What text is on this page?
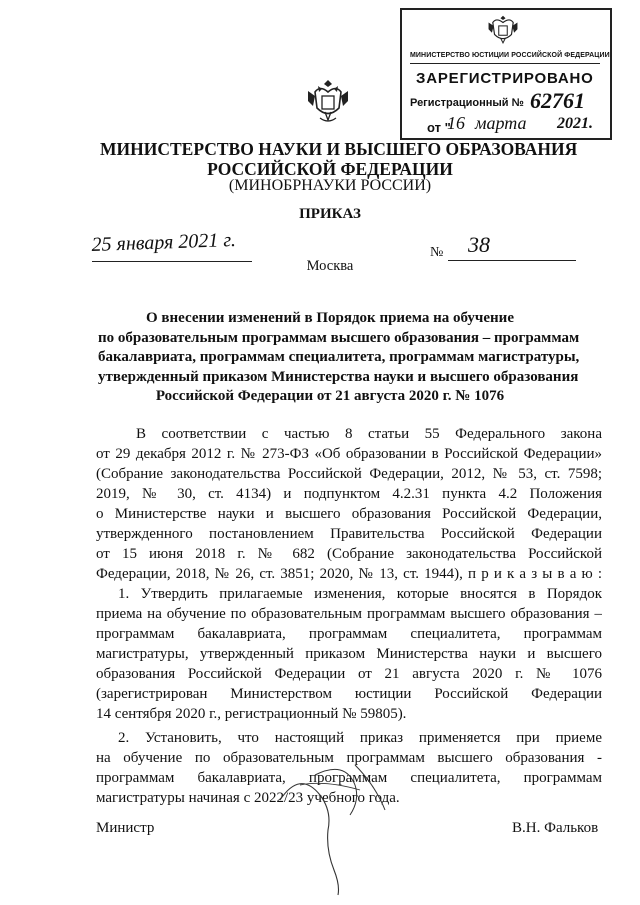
МИНИСТЕРСТВО ЮСТИЦИИ РОССИЙСКОЙ ФЕДЕРАЦИИ
ЗАРЕГИСТРИРОВАНО
Регистрационный № 62761
от "
16 марта 2021.
МИНИСТЕРСТВО НАУКИ И ВЫСШЕГО ОБРАЗОВАНИЯ
РОССИЙСКОЙ ФЕДЕРАЦИИ
(МИНОБРНАУКИ РОССИИ)
ПРИКАЗ
25 января 2021 г.	№ 38
Москва
О внесении изменений в Порядок приема на обучение
по образовательным программам высшего образования – программам
бакалавриата, программам специалитета, программам магистратуры,
утвержденный приказом Министерства науки и высшего образования
Российской Федерации от 21 августа 2020 г. № 1076
В соответствии с частью 8 статьи 55 Федерального закона
от 29 декабря 2012 г. № 273-ФЗ «Об образовании в Российской Федерации»
(Собрание законодательства Российской Федерации, 2012, № 53, ст. 7598;
2019, № 30, ст. 4134) и подпунктом 4.2.31 пункта 4.2 Положения
о Министерстве науки и высшего образования Российской Федерации,
утвержденного постановлением Правительства Российской Федерации
от 15 июня 2018 г. № 682 (Собрание законодательства Российской
Федерации, 2018, № 26, ст. 3851; 2020, № 13, ст. 1944), п р и к а з ы в а ю :
1. Утвердить прилагаемые изменения, которые вносятся в Порядок
приема на обучение по образовательным программам высшего образования –
программам бакалавриата, программам специалитета, программам
магистратуры, утвержденный приказом Министерства науки и высшего
образования Российской Федерации от 21 августа 2020 г. № 1076
(зарегистрирован Министерством юстиции Российской Федерации
14 сентября 2020 г., регистрационный № 59805).
2. Установить, что настоящий приказ применяется при приеме
на обучение по образовательным программам высшего образования -
программам бакалавриата, программам специалитета, программам
магистратуры начиная с 2022/23 учебного года.
Министр	В.Н. Фальков
